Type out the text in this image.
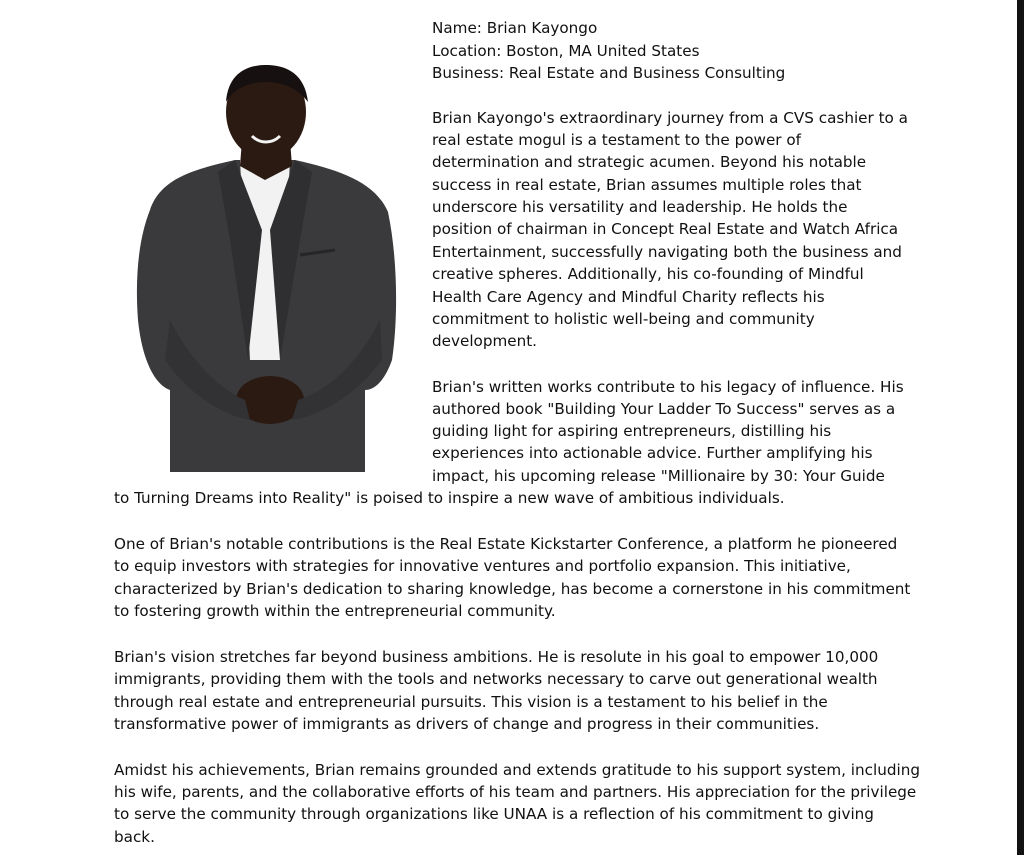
Name: Brian Kayongo
Location: Boston, MA United States
Business: Real Estate and Business Consulting
Brian Kayongo's extraordinary journey from a CVS cashier to a
real estate mogul is a testament to the power of
determination and strategic acumen. Beyond his notable
success in real estate, Brian assumes multiple roles that
underscore his versatility and leadership. He holds the
position of chairman in Concept Real Estate and Watch Africa
Entertainment, successfully navigating both the business and
creative spheres. Additionally, his co-founding of Mindful
Health Care Agency and Mindful Charity reflects his
commitment to holistic well-being and community
development.
Brian's written works contribute to his legacy of influence. His
authored book "Building Your Ladder To Success" serves as a
guiding light for aspiring entrepreneurs, distilling his
experiences into actionable advice. Further amplifying his
impact, his upcoming release "Millionaire by 30: Your Guide
to Turning Dreams into Reality" is poised to inspire a new wave of ambitious individuals.
One of Brian's notable contributions is the Real Estate Kickstarter Conference, a platform he pioneered
to equip investors with strategies for innovative ventures and portfolio expansion. This initiative,
characterized by Brian's dedication to sharing knowledge, has become a cornerstone in his commitment
to fostering growth within the entrepreneurial community.
Brian's vision stretches far beyond business ambitions. He is resolute in his goal to empower 10,000
immigrants, providing them with the tools and networks necessary to carve out generational wealth
through real estate and entrepreneurial pursuits. This vision is a testament to his belief in the
transformative power of immigrants as drivers of change and progress in their communities.
Amidst his achievements, Brian remains grounded and extends gratitude to his support system, including
his wife, parents, and the collaborative efforts of his team and partners. His appreciation for the privilege
to serve the community through organizations like UNAA is a reflection of his commitment to giving
back.
